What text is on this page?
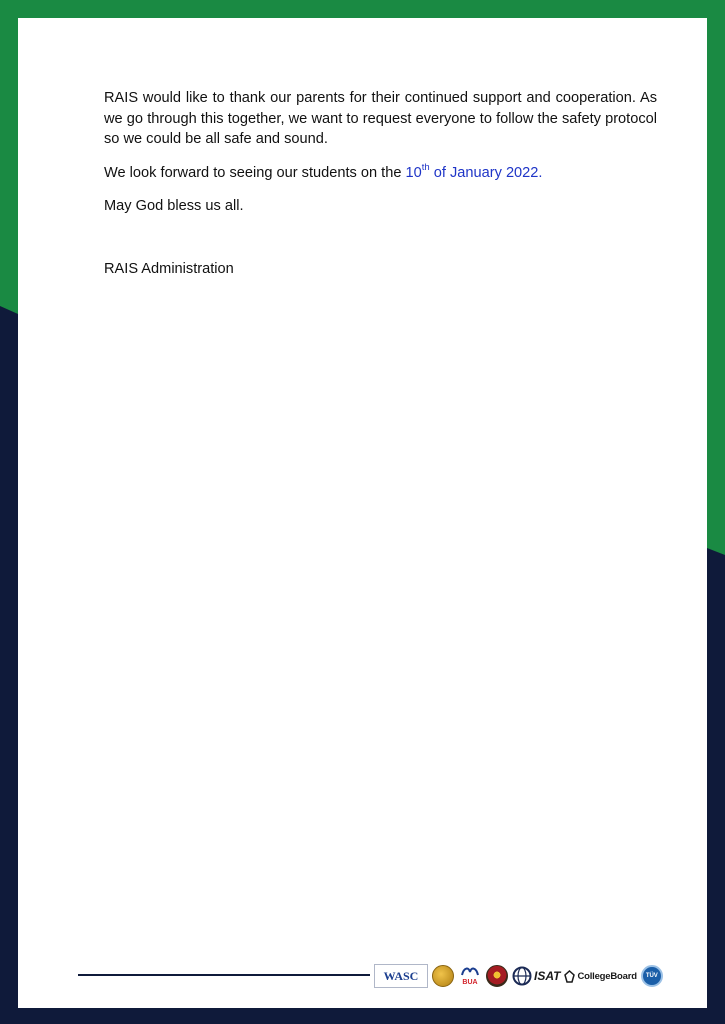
RAIS would like to thank our parents for their continued support and cooperation. As we go through this together, we want to request everyone to follow the safety protocol so we could be all safe and sound.

We look forward to seeing our students on the 10th of January 2022.

May God bless us all.

RAIS Administration
WASC	BUA	ISAT CollegeBoard TÜV
